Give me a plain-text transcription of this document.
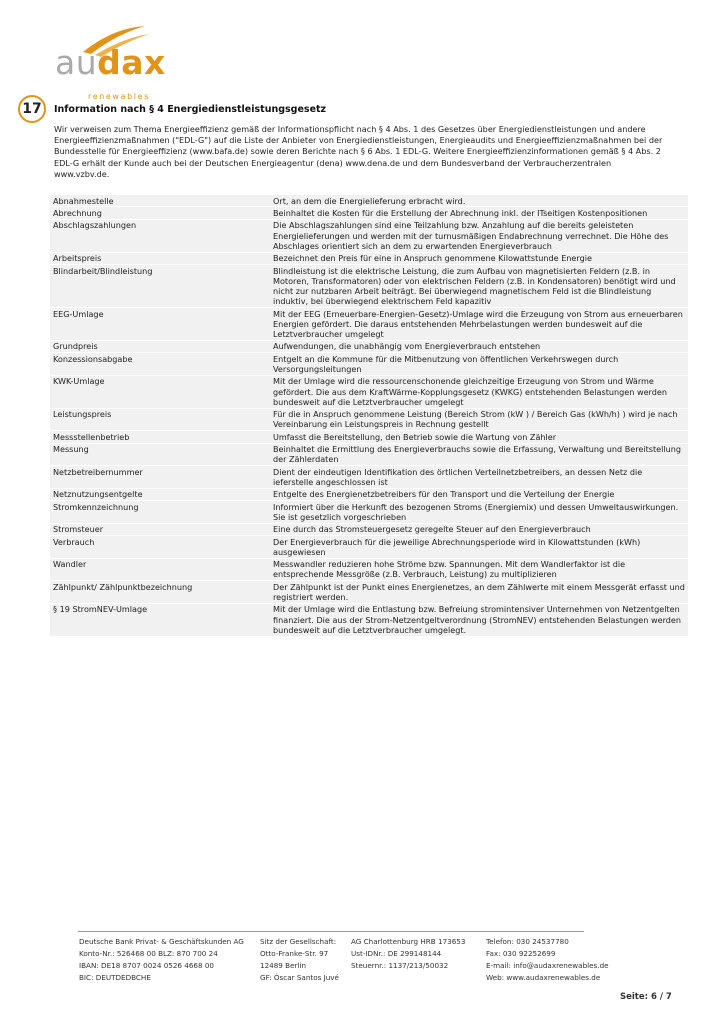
audax
renewables
17	Information nach § 4 Energiedienstleistungsgesetz

Wir verweisen zum Thema Energieeffizienz gemäß der Informationspflicht nach § 4 Abs. 1 des Gesetzes über Energiedienstleistungen und andere Energieeffizienzmaßnahmen ("EDL-G") auf die Liste der Anbieter von Energiedienstleistungen, Energieaudits und Energieeffizienzmaßnahmen bei der Bundesstelle für Energieeffizienz (www.bafa.de) sowie deren Berichte nach § 6 Abs. 1 EDL-G. Weitere Energieeffizienzinformationen gemäß § 4 Abs. 2 EDL-G erhält der Kunde auch bei der Deutschen Energieagentur (dena) www.dena.de und dem Bundesverband der Verbraucherzentralen www.vzbv.de.

Abnahmestelle	Ort, an dem die Energielieferung erbracht wird.
Abrechnung	Beinhaltet die Kosten für die Erstellung der Abrechnung inkl. der ITseitigen Kostenpositionen
Abschlagszahlungen	Die Abschlagszahlungen sind eine Teilzahlung bzw. Anzahlung auf die bereits geleisteten Energielieferungen und werden mit der turnusmäßigen Endabrechnung verrechnet. Die Höhe des Abschlages orientiert sich an dem zu erwartenden Energieverbrauch
Arbeitspreis	Bezeichnet den Preis für eine in Anspruch genommene Kilowattstunde Energie
Blindarbeit/Blindleistung	Blindleistung ist die elektrische Leistung, die zum Aufbau von magnetisierten Feldern (z.B. in Motoren, Transformatoren) oder von elektrischen Feldern (z.B. in Kondensatoren) benötigt wird und nicht zur nutzbaren Arbeit beiträgt. Bei überwiegend magnetischem Feld ist die Blindleistung induktiv, bei überwiegend elektrischem Feld kapazitiv
EEG-Umlage	Mit der EEG (Erneuerbare-Energien-Gesetz)-Umlage wird die Erzeugung von Strom aus erneuerbaren Energien gefördert. Die daraus entstehenden Mehrbelastungen werden bundesweit auf die Letztverbraucher umgelegt
Grundpreis	Aufwendungen, die unabhängig vom Energieverbrauch entstehen
Konzessionsabgabe	Entgelt an die Kommune für die Mitbenutzung von öffentlichen Verkehrswegen durch Versorgungsleitungen
KWK-Umlage	Mit der Umlage wird die ressourcenschonende gleichzeitige Erzeugung von Strom und Wärme gefördert. Die aus dem KraftWärme-Kopplungsgesetz (KWKG) entstehenden Belastungen werden bundesweit auf die Letztverbraucher umgelegt
Leistungspreis	Für die in Anspruch genommene Leistung (Bereich Strom (kW ) / Bereich Gas (kWh/h) ) wird je nach Vereinbarung ein Leistungspreis in Rechnung gestellt
Messstellenbetrieb	Umfasst die Bereitstellung, den Betrieb sowie die Wartung von Zähler
Messung	Beinhaltet die Ermittlung des Energieverbrauchs sowie die Erfassung, Verwaltung und Bereitstellung der Zählerdaten
Netzbetreibernummer	Dient der eindeutigen Identifikation des örtlichen Verteilnetzbetreibers, an dessen Netz die ieferstelle angeschlossen ist
Netznutzungsentgelte	Entgelte des Energienetzbetreibers für den Transport und die Verteilung der Energie
Stromkennzeichnung	Informiert über die Herkunft des bezogenen Stroms (Energiemix) und dessen Umweltauswirkungen. Sie ist gesetzlich vorgeschrieben
Stromsteuer	Eine durch das Stromsteuergesetz geregelte Steuer auf den Energieverbrauch
Verbrauch	Der Energieverbrauch für die jeweilige Abrechnungsperiode wird in Kilowattstunden (kWh) ausgewiesen
Wandler	Messwandler reduzieren hohe Ströme bzw. Spannungen. Mit dem Wandlerfaktor ist die entsprechende Messgröße (z.B. Verbrauch, Leistung) zu multiplizieren
Zählpunkt/ Zählpunktbezeichnung	Der Zählpunkt ist der Punkt eines Energienetzes, an dem Zählwerte mit einem Messgerät erfasst und registriert werden.
§ 19 StromNEV-Umlage	Mit der Umlage wird die Entlastung bzw. Befreiung stromintensiver Unternehmen von Netzentgelten finanziert. Die aus der Strom-Netzentgeltverordnung (StromNEV) entstehenden Belastungen werden bundesweit auf die Letztverbraucher umgelegt.
Deutsche Bank Privat- & Geschäftskunden AG
Konto-Nr.: 526468 00 BLZ: 870 700 24
IBAN: DE18 8707 0024 0526 4668 00
BIC: DEUTDEDBCHE
Sitz der Gesellschaft:
Otto-Franke-Str. 97
12489 Berlin
GF: Óscar Santos Juvé
AG Charlottenburg HRB 173653
Ust-IDNr.: DE 299148144
Steuernr.: 1137/213/50032
Telefon: 030 24537780
Fax: 030 92252699
E-mail: info@audaxrenewables.de
Web: www.audaxrenewables.de
Seite: 6 / 7
